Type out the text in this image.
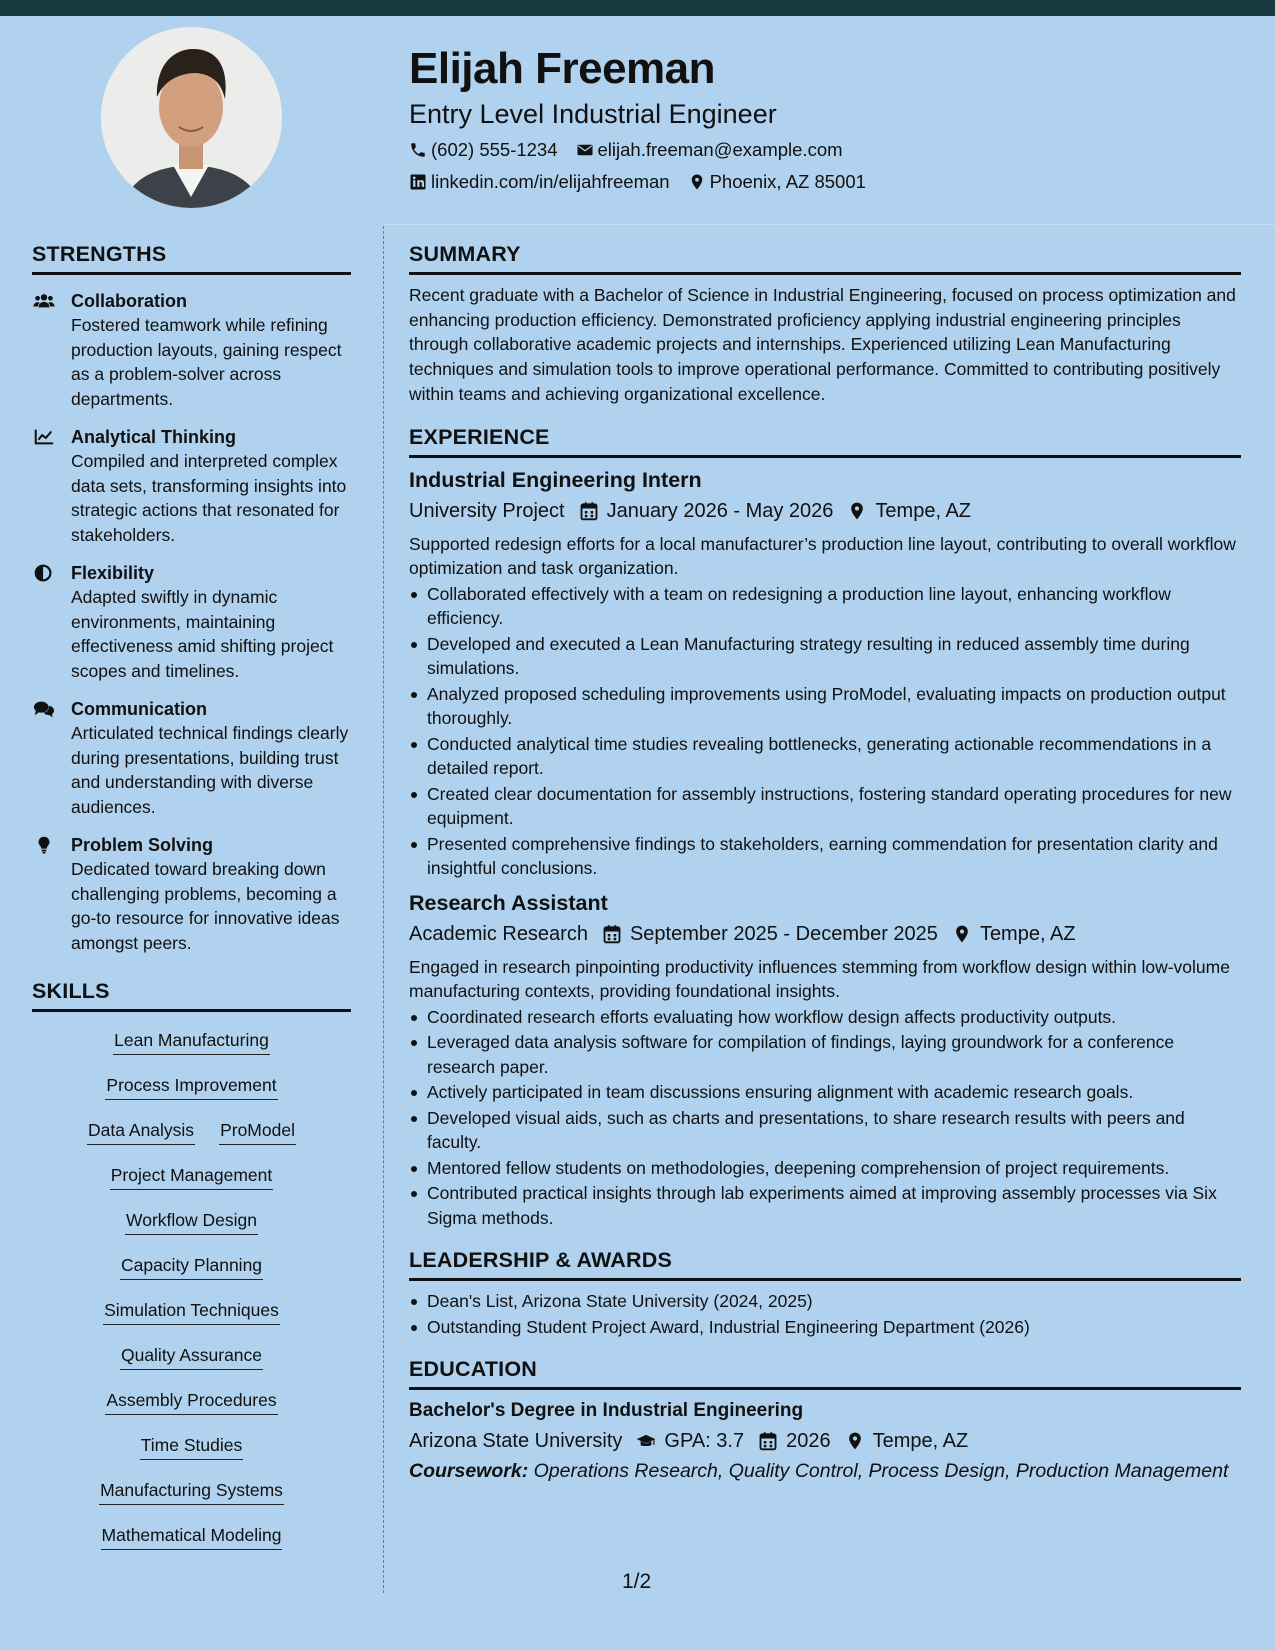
Elijah Freeman
Entry Level Industrial Engineer
(602) 555-1234 elijah.freeman@example.com
linkedin.com/in/elijahfreeman Phoenix, AZ 85001
STRENGTHS
Collaboration
Fostered teamwork while refining production layouts, gaining respect as a problem-solver across departments.
Analytical Thinking
Compiled and interpreted complex data sets, transforming insights into strategic actions that resonated for stakeholders.
Flexibility
Adapted swiftly in dynamic environments, maintaining effectiveness amid shifting project scopes and timelines.
Communication
Articulated technical findings clearly during presentations, building trust and understanding with diverse audiences.
Problem Solving
Dedicated toward breaking down challenging problems, becoming a go-to resource for innovative ideas amongst peers.
SKILLS
Lean Manufacturing
Process Improvement
Data Analysis ProModel
Project Management
Workflow Design
Capacity Planning
Simulation Techniques
Quality Assurance
Assembly Procedures
Time Studies
Manufacturing Systems
Mathematical Modeling
SUMMARY
Recent graduate with a Bachelor of Science in Industrial Engineering, focused on process optimization and enhancing production efficiency. Demonstrated proficiency applying industrial engineering principles through collaborative academic projects and internships. Experienced utilizing Lean Manufacturing techniques and simulation tools to improve operational performance. Committed to contributing positively within teams and achieving organizational excellence.
EXPERIENCE
Industrial Engineering Intern
University Project January 2026 - May 2026 Tempe, AZ
Supported redesign efforts for a local manufacturer’s production line layout, contributing to overall workflow optimization and task organization.
Collaborated effectively with a team on redesigning a production line layout, enhancing workflow efficiency.
Developed and executed a Lean Manufacturing strategy resulting in reduced assembly time during simulations.
Analyzed proposed scheduling improvements using ProModel, evaluating impacts on production output thoroughly.
Conducted analytical time studies revealing bottlenecks, generating actionable recommendations in a detailed report.
Created clear documentation for assembly instructions, fostering standard operating procedures for new equipment.
Presented comprehensive findings to stakeholders, earning commendation for presentation clarity and insightful conclusions.
Research Assistant
Academic Research September 2025 - December 2025 Tempe, AZ
Engaged in research pinpointing productivity influences stemming from workflow design within low-volume manufacturing contexts, providing foundational insights.
Coordinated research efforts evaluating how workflow design affects productivity outputs.
Leveraged data analysis software for compilation of findings, laying groundwork for a conference research paper.
Actively participated in team discussions ensuring alignment with academic research goals.
Developed visual aids, such as charts and presentations, to share research results with peers and faculty.
Mentored fellow students on methodologies, deepening comprehension of project requirements.
Contributed practical insights through lab experiments aimed at improving assembly processes via Six Sigma methods.
LEADERSHIP & AWARDS
Dean's List, Arizona State University (2024, 2025)
Outstanding Student Project Award, Industrial Engineering Department (2026)
EDUCATION
Bachelor's Degree in Industrial Engineering
Arizona State University GPA: 3.7 2026 Tempe, AZ
Coursework: Operations Research, Quality Control, Process Design, Production Management
1/2
